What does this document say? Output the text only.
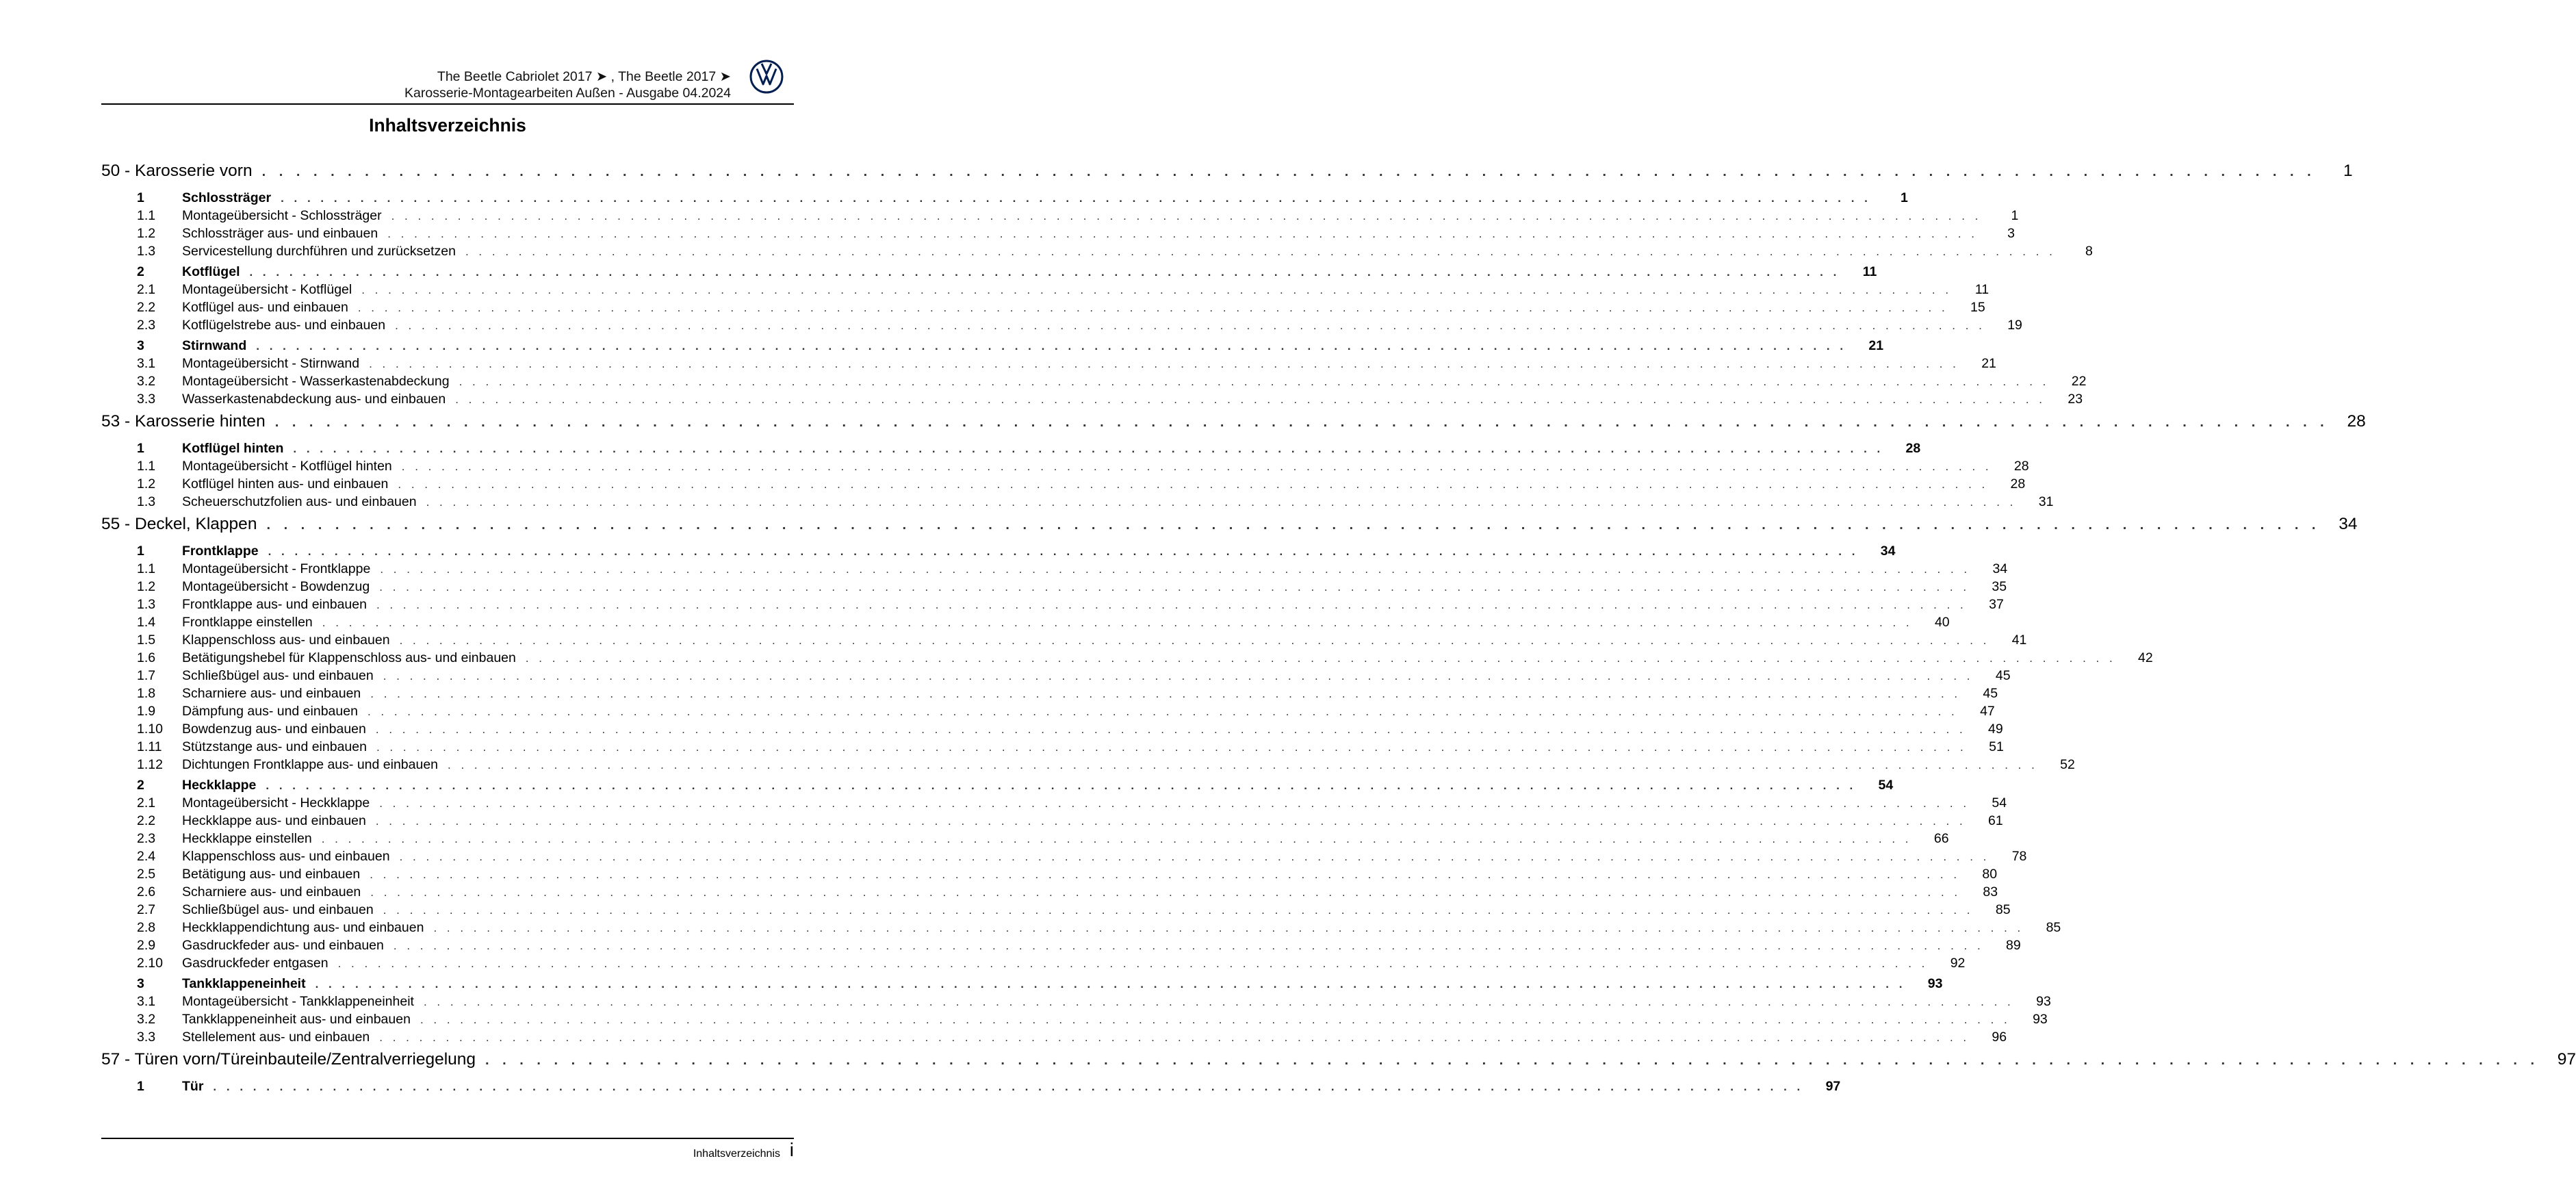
The Beetle Cabriolet 2017 ➤ , The Beetle 2017 ➤
Karosserie-Montagearbeiten Außen - Ausgabe 04.2024
Inhaltsverzeichnis
50 - Karosserie vorn . . . . . . . . . . . . . . . . . . . . . . . . . . . . . . . . . . . . . . . . . . . . . . . . . . . . . . . . . . . . . . . . . . . . . . . . . . . . . . . . . . . . . . . . . . . . . . . . . . . . . . . . . . . . . . . . . . . . . . . .	1
1	Schlossträger . . . . . . . . . . . . . . . . . . . . . . . . . . . . . . . . . . . . . . . . . . . . . . . . . . . . . . . . . . . . . . . . . . . . . . . . . . . . . . . . . . . . . . . . . . . . . . . . . . . . . . . . . . . . . . . . . . . . . . . .	1
1.1	Montageübersicht - Schlossträger . . . . . . . . . . . . . . . . . . . . . . . . . . . . . . . . . . . . . . . . . . . . . . . . . . . . . . . . . . . . . . . . . . . . . . . . . . . . . . . . . . . . . . . . . . . . . . . . . . . . . . . . . . . . . . . . . . . . . . . .	1
1.2	Schlossträger aus- und einbauen . . . . . . . . . . . . . . . . . . . . . . . . . . . . . . . . . . . . . . . . . . . . . . . . . . . . . . . . . . . . . . . . . . . . . . . . . . . . . . . . . . . . . . . . . . . . . . . . . . . . . . . . . . . . . . . . . . . . . . . .	3
1.3	Servicestellung durchführen und zurücksetzen . . . . . . . . . . . . . . . . . . . . . . . . . . . . . . . . . . . . . . . . . . . . . . . . . . . . . . . . . . . . . . . . . . . . . . . . . . . . . . . . . . . . . . . . . . . . . . . . . . . . . . . . . . . . . . . . . . . . . . . .	8
2	Kotflügel . . . . . . . . . . . . . . . . . . . . . . . . . . . . . . . . . . . . . . . . . . . . . . . . . . . . . . . . . . . . . . . . . . . . . . . . . . . . . . . . . . . . . . . . . . . . . . . . . . . . . . . . . . . . . . . . . . . . . . . .	11
2.1	Montageübersicht - Kotflügel . . . . . . . . . . . . . . . . . . . . . . . . . . . . . . . . . . . . . . . . . . . . . . . . . . . . . . . . . . . . . . . . . . . . . . . . . . . . . . . . . . . . . . . . . . . . . . . . . . . . . . . . . . . . . . . . . . . . . . . .	11
2.2	Kotflügel aus- und einbauen . . . . . . . . . . . . . . . . . . . . . . . . . . . . . . . . . . . . . . . . . . . . . . . . . . . . . . . . . . . . . . . . . . . . . . . . . . . . . . . . . . . . . . . . . . . . . . . . . . . . . . . . . . . . . . . . . . . . . . . .	15
2.3	Kotflügelstrebe aus- und einbauen . . . . . . . . . . . . . . . . . . . . . . . . . . . . . . . . . . . . . . . . . . . . . . . . . . . . . . . . . . . . . . . . . . . . . . . . . . . . . . . . . . . . . . . . . . . . . . . . . . . . . . . . . . . . . . . . . . . . . . . .	19
3	Stirnwand . . . . . . . . . . . . . . . . . . . . . . . . . . . . . . . . . . . . . . . . . . . . . . . . . . . . . . . . . . . . . . . . . . . . . . . . . . . . . . . . . . . . . . . . . . . . . . . . . . . . . . . . . . . . . . . . . . . . . . . .	21
3.1	Montageübersicht - Stirnwand . . . . . . . . . . . . . . . . . . . . . . . . . . . . . . . . . . . . . . . . . . . . . . . . . . . . . . . . . . . . . . . . . . . . . . . . . . . . . . . . . . . . . . . . . . . . . . . . . . . . . . . . . . . . . . . . . . . . . . . .	21
3.2	Montageübersicht - Wasserkastenabdeckung . . . . . . . . . . . . . . . . . . . . . . . . . . . . . . . . . . . . . . . . . . . . . . . . . . . . . . . . . . . . . . . . . . . . . . . . . . . . . . . . . . . . . . . . . . . . . . . . . . . . . . . . . . . . . . . . . . . . . . . .	22
3.3	Wasserkastenabdeckung aus- und einbauen . . . . . . . . . . . . . . . . . . . . . . . . . . . . . . . . . . . . . . . . . . . . . . . . . . . . . . . . . . . . . . . . . . . . . . . . . . . . . . . . . . . . . . . . . . . . . . . . . . . . . . . . . . . . . . . . . . . . . . . .	23
53 - Karosserie hinten . . . . . . . . . . . . . . . . . . . . . . . . . . . . . . . . . . . . . . . . . . . . . . . . . . . . . . . . . . . . . . . . . . . . . . . . . . . . . . . . . . . . . . . . . . . . . . . . . . . . . . . . . . . . . . . . . . . . . . . .	28
1	Kotflügel hinten . . . . . . . . . . . . . . . . . . . . . . . . . . . . . . . . . . . . . . . . . . . . . . . . . . . . . . . . . . . . . . . . . . . . . . . . . . . . . . . . . . . . . . . . . . . . . . . . . . . . . . . . . . . . . . . . . . . . . . . .	28
1.1	Montageübersicht - Kotflügel hinten . . . . . . . . . . . . . . . . . . . . . . . . . . . . . . . . . . . . . . . . . . . . . . . . . . . . . . . . . . . . . . . . . . . . . . . . . . . . . . . . . . . . . . . . . . . . . . . . . . . . . . . . . . . . . . . . . . . . . . . .	28
1.2	Kotflügel hinten aus- und einbauen . . . . . . . . . . . . . . . . . . . . . . . . . . . . . . . . . . . . . . . . . . . . . . . . . . . . . . . . . . . . . . . . . . . . . . . . . . . . . . . . . . . . . . . . . . . . . . . . . . . . . . . . . . . . . . . . . . . . . . . .	28
1.3	Scheuerschutzfolien aus- und einbauen . . . . . . . . . . . . . . . . . . . . . . . . . . . . . . . . . . . . . . . . . . . . . . . . . . . . . . . . . . . . . . . . . . . . . . . . . . . . . . . . . . . . . . . . . . . . . . . . . . . . . . . . . . . . . . . . . . . . . . . .	31
55 - Deckel, Klappen . . . . . . . . . . . . . . . . . . . . . . . . . . . . . . . . . . . . . . . . . . . . . . . . . . . . . . . . . . . . . . . . . . . . . . . . . . . . . . . . . . . . . . . . . . . . . . . . . . . . . . . . . . . . . . . . . . . . . . . .	34
1	Frontklappe . . . . . . . . . . . . . . . . . . . . . . . . . . . . . . . . . . . . . . . . . . . . . . . . . . . . . . . . . . . . . . . . . . . . . . . . . . . . . . . . . . . . . . . . . . . . . . . . . . . . . . . . . . . . . . . . . . . . . . . .	34
1.1	Montageübersicht - Frontklappe . . . . . . . . . . . . . . . . . . . . . . . . . . . . . . . . . . . . . . . . . . . . . . . . . . . . . . . . . . . . . . . . . . . . . . . . . . . . . . . . . . . . . . . . . . . . . . . . . . . . . . . . . . . . . . . . . . . . . . . .	34
1.2	Montageübersicht - Bowdenzug . . . . . . . . . . . . . . . . . . . . . . . . . . . . . . . . . . . . . . . . . . . . . . . . . . . . . . . . . . . . . . . . . . . . . . . . . . . . . . . . . . . . . . . . . . . . . . . . . . . . . . . . . . . . . . . . . . . . . . . .	35
1.3	Frontklappe aus- und einbauen . . . . . . . . . . . . . . . . . . . . . . . . . . . . . . . . . . . . . . . . . . . . . . . . . . . . . . . . . . . . . . . . . . . . . . . . . . . . . . . . . . . . . . . . . . . . . . . . . . . . . . . . . . . . . . . . . . . . . . . .	37
1.4	Frontklappe einstellen . . . . . . . . . . . . . . . . . . . . . . . . . . . . . . . . . . . . . . . . . . . . . . . . . . . . . . . . . . . . . . . . . . . . . . . . . . . . . . . . . . . . . . . . . . . . . . . . . . . . . . . . . . . . . . . . . . . . . . . .	40
1.5	Klappenschloss aus- und einbauen . . . . . . . . . . . . . . . . . . . . . . . . . . . . . . . . . . . . . . . . . . . . . . . . . . . . . . . . . . . . . . . . . . . . . . . . . . . . . . . . . . . . . . . . . . . . . . . . . . . . . . . . . . . . . . . . . . . . . . . .	41
1.6	Betätigungshebel für Klappenschloss aus- und einbauen . . . . . . . . . . . . . . . . . . . . . . . . . . . . . . . . . . . . . . . . . . . . . . . . . . . . . . . . . . . . . . . . . . . . . . . . . . . . . . . . . . . . . . . . . . . . . . . . . . . . . . . . . . . . . . . . . . . . . . . .	42
1.7	Schließbügel aus- und einbauen . . . . . . . . . . . . . . . . . . . . . . . . . . . . . . . . . . . . . . . . . . . . . . . . . . . . . . . . . . . . . . . . . . . . . . . . . . . . . . . . . . . . . . . . . . . . . . . . . . . . . . . . . . . . . . . . . . . . . . . .	45
1.8	Scharniere aus- und einbauen . . . . . . . . . . . . . . . . . . . . . . . . . . . . . . . . . . . . . . . . . . . . . . . . . . . . . . . . . . . . . . . . . . . . . . . . . . . . . . . . . . . . . . . . . . . . . . . . . . . . . . . . . . . . . . . . . . . . . . . .	45
1.9	Dämpfung aus- und einbauen . . . . . . . . . . . . . . . . . . . . . . . . . . . . . . . . . . . . . . . . . . . . . . . . . . . . . . . . . . . . . . . . . . . . . . . . . . . . . . . . . . . . . . . . . . . . . . . . . . . . . . . . . . . . . . . . . . . . . . . .	47
1.10	Bowdenzug aus- und einbauen . . . . . . . . . . . . . . . . . . . . . . . . . . . . . . . . . . . . . . . . . . . . . . . . . . . . . . . . . . . . . . . . . . . . . . . . . . . . . . . . . . . . . . . . . . . . . . . . . . . . . . . . . . . . . . . . . . . . . . . .	49
1.11	Stützstange aus- und einbauen . . . . . . . . . . . . . . . . . . . . . . . . . . . . . . . . . . . . . . . . . . . . . . . . . . . . . . . . . . . . . . . . . . . . . . . . . . . . . . . . . . . . . . . . . . . . . . . . . . . . . . . . . . . . . . . . . . . . . . . .	51
1.12	Dichtungen Frontklappe aus- und einbauen . . . . . . . . . . . . . . . . . . . . . . . . . . . . . . . . . . . . . . . . . . . . . . . . . . . . . . . . . . . . . . . . . . . . . . . . . . . . . . . . . . . . . . . . . . . . . . . . . . . . . . . . . . . . . . . . . . . . . . . .	52
2	Heckklappe . . . . . . . . . . . . . . . . . . . . . . . . . . . . . . . . . . . . . . . . . . . . . . . . . . . . . . . . . . . . . . . . . . . . . . . . . . . . . . . . . . . . . . . . . . . . . . . . . . . . . . . . . . . . . . . . . . . . . . . .	54
2.1	Montageübersicht - Heckklappe . . . . . . . . . . . . . . . . . . . . . . . . . . . . . . . . . . . . . . . . . . . . . . . . . . . . . . . . . . . . . . . . . . . . . . . . . . . . . . . . . . . . . . . . . . . . . . . . . . . . . . . . . . . . . . . . . . . . . . . .	54
2.2	Heckklappe aus- und einbauen . . . . . . . . . . . . . . . . . . . . . . . . . . . . . . . . . . . . . . . . . . . . . . . . . . . . . . . . . . . . . . . . . . . . . . . . . . . . . . . . . . . . . . . . . . . . . . . . . . . . . . . . . . . . . . . . . . . . . . . .	61
2.3	Heckklappe einstellen . . . . . . . . . . . . . . . . . . . . . . . . . . . . . . . . . . . . . . . . . . . . . . . . . . . . . . . . . . . . . . . . . . . . . . . . . . . . . . . . . . . . . . . . . . . . . . . . . . . . . . . . . . . . . . . . . . . . . . . .	66
2.4	Klappenschloss aus- und einbauen . . . . . . . . . . . . . . . . . . . . . . . . . . . . . . . . . . . . . . . . . . . . . . . . . . . . . . . . . . . . . . . . . . . . . . . . . . . . . . . . . . . . . . . . . . . . . . . . . . . . . . . . . . . . . . . . . . . . . . . .	78
2.5	Betätigung aus- und einbauen . . . . . . . . . . . . . . . . . . . . . . . . . . . . . . . . . . . . . . . . . . . . . . . . . . . . . . . . . . . . . . . . . . . . . . . . . . . . . . . . . . . . . . . . . . . . . . . . . . . . . . . . . . . . . . . . . . . . . . . .	80
2.6	Scharniere aus- und einbauen . . . . . . . . . . . . . . . . . . . . . . . . . . . . . . . . . . . . . . . . . . . . . . . . . . . . . . . . . . . . . . . . . . . . . . . . . . . . . . . . . . . . . . . . . . . . . . . . . . . . . . . . . . . . . . . . . . . . . . . .	83
2.7	Schließbügel aus- und einbauen . . . . . . . . . . . . . . . . . . . . . . . . . . . . . . . . . . . . . . . . . . . . . . . . . . . . . . . . . . . . . . . . . . . . . . . . . . . . . . . . . . . . . . . . . . . . . . . . . . . . . . . . . . . . . . . . . . . . . . . .	85
2.8	Heckklappendichtung aus- und einbauen . . . . . . . . . . . . . . . . . . . . . . . . . . . . . . . . . . . . . . . . . . . . . . . . . . . . . . . . . . . . . . . . . . . . . . . . . . . . . . . . . . . . . . . . . . . . . . . . . . . . . . . . . . . . . . . . . . . . . . . .	85
2.9	Gasdruckfeder aus- und einbauen . . . . . . . . . . . . . . . . . . . . . . . . . . . . . . . . . . . . . . . . . . . . . . . . . . . . . . . . . . . . . . . . . . . . . . . . . . . . . . . . . . . . . . . . . . . . . . . . . . . . . . . . . . . . . . . . . . . . . . . .	89
2.10	Gasdruckfeder entgasen . . . . . . . . . . . . . . . . . . . . . . . . . . . . . . . . . . . . . . . . . . . . . . . . . . . . . . . . . . . . . . . . . . . . . . . . . . . . . . . . . . . . . . . . . . . . . . . . . . . . . . . . . . . . . . . . . . . . . . . .	92
3	Tankklappeneinheit . . . . . . . . . . . . . . . . . . . . . . . . . . . . . . . . . . . . . . . . . . . . . . . . . . . . . . . . . . . . . . . . . . . . . . . . . . . . . . . . . . . . . . . . . . . . . . . . . . . . . . . . . . . . . . . . . . . . . . . .	93
3.1	Montageübersicht - Tankklappeneinheit . . . . . . . . . . . . . . . . . . . . . . . . . . . . . . . . . . . . . . . . . . . . . . . . . . . . . . . . . . . . . . . . . . . . . . . . . . . . . . . . . . . . . . . . . . . . . . . . . . . . . . . . . . . . . . . . . . . . . . . .	93
3.2	Tankklappeneinheit aus- und einbauen . . . . . . . . . . . . . . . . . . . . . . . . . . . . . . . . . . . . . . . . . . . . . . . . . . . . . . . . . . . . . . . . . . . . . . . . . . . . . . . . . . . . . . . . . . . . . . . . . . . . . . . . . . . . . . . . . . . . . . . .	93
3.3	Stellelement aus- und einbauen . . . . . . . . . . . . . . . . . . . . . . . . . . . . . . . . . . . . . . . . . . . . . . . . . . . . . . . . . . . . . . . . . . . . . . . . . . . . . . . . . . . . . . . . . . . . . . . . . . . . . . . . . . . . . . . . . . . . . . . .	96
57 - Türen vorn/Türeinbauteile/Zentralverriegelung . . . . . . . . . . . . . . . . . . . . . . . . . . . . . . . . . . . . . . . . . . . . . . . . . . . . . . . . . . . . . . . . . . . . . . . . . . . . . . . . . . . . . . . . . . . . . . . . . . . . . . . . . . . . . . . . . . . . . . . .	97
1	Tür . . . . . . . . . . . . . . . . . . . . . . . . . . . . . . . . . . . . . . . . . . . . . . . . . . . . . . . . . . . . . . . . . . . . . . . . . . . . . . . . . . . . . . . . . . . . . . . . . . . . . . . . . . . . . . . . . . . . . . . .	97
Inhaltsverzeichnis i
